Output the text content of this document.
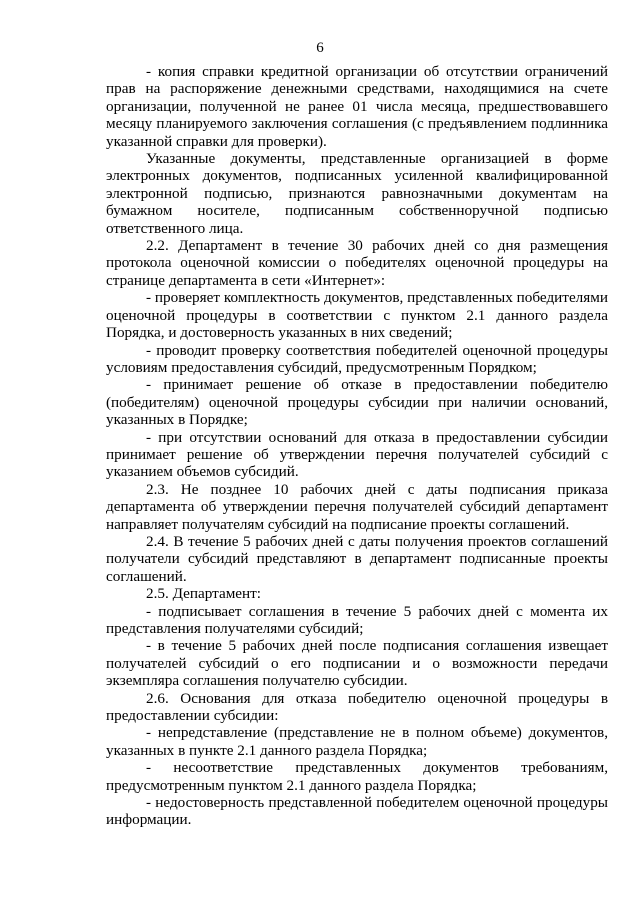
6

- копия справки кредитной организации об отсутствии ограничений прав на распоряжение денежными средствами, находящимися на счете организации, полученной не ранее 01 числа месяца, предшествовавшего месяцу планируемого заключения соглашения (с предъявлением подлинника указанной справки для проверки).

Указанные документы, представленные организацией в форме электронных документов, подписанных усиленной квалифицированной электронной подписью, признаются равнозначными документам на бумажном носителе, подписанным собственноручной подписью ответственного лица.

2.2. Департамент в течение 30 рабочих дней со дня размещения протокола оценочной комиссии о победителях оценочной процедуры на странице департамента в сети «Интернет»:

- проверяет комплектность документов, представленных победителями оценочной процедуры в соответствии с пунктом 2.1 данного раздела Порядка, и достоверность указанных в них сведений;

- проводит проверку соответствия победителей оценочной процедуры условиям предоставления субсидий, предусмотренным Порядком;

- принимает решение об отказе в предоставлении победителю (победителям) оценочной процедуры субсидии при наличии оснований, указанных в Порядке;

- при отсутствии оснований для отказа в предоставлении субсидии принимает решение об утверждении перечня получателей субсидий с указанием объемов субсидий.

2.3. Не позднее 10 рабочих дней с даты подписания приказа департамента об утверждении перечня получателей субсидий департамент направляет получателям субсидий на подписание проекты соглашений.

2.4. В течение 5 рабочих дней с даты получения проектов соглашений получатели субсидий представляют в департамент подписанные проекты соглашений.

2.5. Департамент:

- подписывает соглашения в течение 5 рабочих дней с момента их представления получателями субсидий;

- в течение 5 рабочих дней после подписания соглашения извещает получателей субсидий о его подписании и о возможности передачи экземпляра соглашения получателю субсидии.

2.6. Основания для отказа победителю оценочной процедуры в предоставлении субсидии:

- непредставление (представление не в полном объеме) документов, указанных в пункте 2.1 данного раздела Порядка;

- несоответствие представленных документов требованиям, предусмотренным пунктом 2.1 данного раздела Порядка;

- недостоверность представленной победителем оценочной процедуры информации.
